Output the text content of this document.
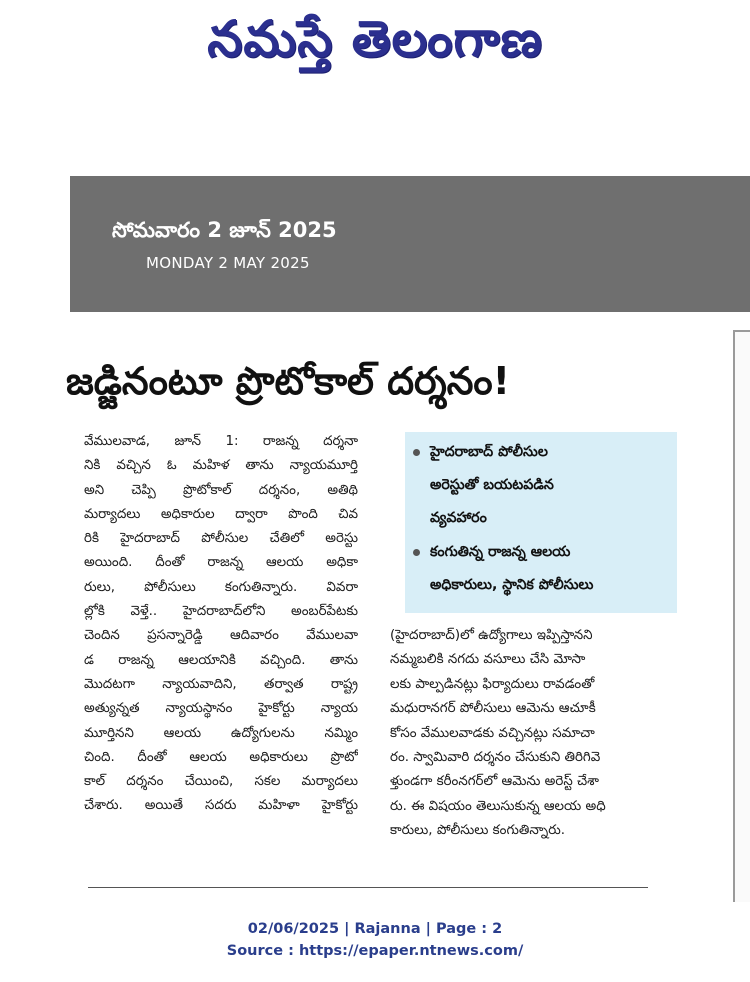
నమస్తే తెలంగాణ
సోమవారం 2 జూన్ 2025
MONDAY 2 MAY 2025
జడ్జినంటూ ప్రొటోకాల్ దర్శనం!
వేములవాడ, జూన్ 1: రాజన్న దర్శనా
నికి వచ్చిన ఓ మహిళ తాను న్యాయమూర్తి
అని చెప్పి ప్రొటోకాల్ దర్శనం, అతిథి
మర్యాదలు అధికారుల ద్వారా పొంది చివ
రికి హైదరాబాద్ పోలీసుల చేతిలో అరెస్టు
అయింది. దీంతో రాజన్న ఆలయ అధికా
రులు, పోలీసులు కంగుతిన్నారు. వివరా
ల్లోకి వెళ్తే.. హైదరాబాద్‌లోని అంబర్‌పేటకు
చెందిన ప్రసన్నారెడ్డి ఆదివారం వేములవా
డ రాజన్న ఆలయానికి వచ్చింది. తాను
మొదటగా న్యాయవాదిని, తర్వాత రాష్ట్ర
అత్యున్నత న్యాయస్థానం హైకోర్టు న్యాయ
మూర్తినని ఆలయ ఉద్యోగులను నమ్మిం
చింది. దీంతో ఆలయ అధికారులు ప్రొటో
కాల్ దర్శనం చేయించి, సకల మర్యాదలు
చేశారు. అయితే సదరు మహిళా హైకోర్టు
హైదరాబాద్ పోలీసుల
అరెస్టుతో బయటపడిన
వ్యవహారం
కంగుతిన్న రాజన్న ఆలయ
అధికారులు, స్థానిక పోలీసులు
(హైదరాబాద్)లో ఉద్యోగాలు ఇప్పిస్తానని
నమ్మబలికి నగదు వసూలు చేసి మోసా
లకు పాల్పడినట్లు ఫిర్యాదులు రావడంతో
మధురానగర్ పోలీసులు ఆమెను ఆచూకీ
కోసం వేములవాడకు వచ్చినట్లు సమాచా
రం. స్వామివారి దర్శనం చేసుకుని తిరిగివె
ళ్తుండగా కరీంనగర్‌లో ఆమెను అరెస్ట్ చేశా
రు. ఈ విషయం తెలుసుకున్న ఆలయ అధి
కారులు, పోలీసులు కంగుతిన్నారు.
02/06/2025 | Rajanna | Page : 2
Source : https://epaper.ntnews.com/
